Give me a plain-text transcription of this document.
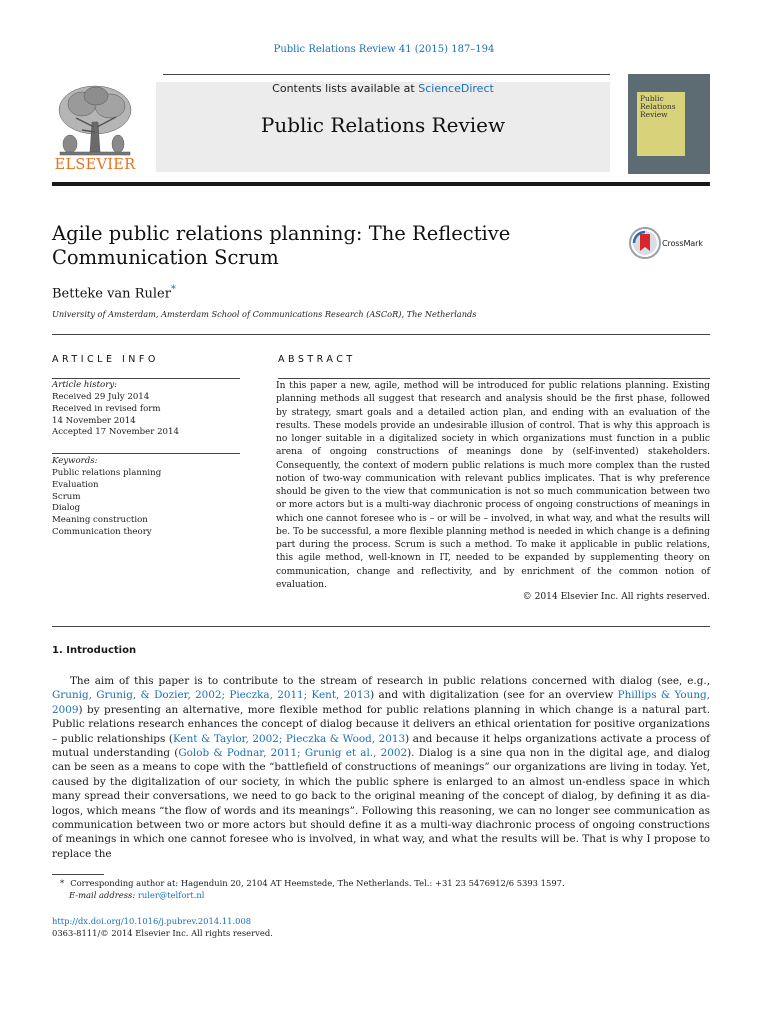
Public Relations Review 41 (2015) 187–194
Contents lists available at ScienceDirect
Public Relations Review
ELSEVIER
Public Relations Review
Agile public relations planning: The Reflective Communication Scrum
Betteke van Ruler*
University of Amsterdam, Amsterdam School of Communications Research (ASCoR), The Netherlands
CrossMark
ARTICLE INFO
Article history:
Received 29 July 2014
Received in revised form
14 November 2014
Accepted 17 November 2014
Keywords:
Public relations planning
Evaluation
Scrum
Dialog
Meaning construction
Communication theory
ABSTRACT
In this paper a new, agile, method will be introduced for public relations planning. Existing planning methods all suggest that research and analysis should be the first phase, followed by strategy, smart goals and a detailed action plan, and ending with an evaluation of the results. These models provide an undesirable illusion of control. That is why this approach is no longer suitable in a digitalized society in which organizations must function in a public arena of ongoing constructions of meanings done by (self-invented) stakeholders. Consequently, the context of modern public relations is much more complex than the rusted notion of two-way communication with relevant publics implicates. That is why preference should be given to the view that communication is not so much communication between two or more actors but is a multi-way diachronic process of ongoing constructions of meanings in which one cannot foresee who is – or will be – involved, in what way, and what the results will be. To be successful, a more flexible planning method is needed in which change is a defining part during the process. Scrum is such a method. To make it applicable in public relations, this agile method, well-known in IT, needed to be expanded by supplementing theory on communication, change and reflectivity, and by enrichment of the common notion of evaluation.
© 2014 Elsevier Inc. All rights reserved.
1. Introduction
The aim of this paper is to contribute to the stream of research in public relations concerned with dialog (see, e.g., Grunig, Grunig, & Dozier, 2002; Pieczka, 2011; Kent, 2013) and with digitalization (see for an overview Phillips & Young, 2009) by presenting an alternative, more flexible method for public relations planning in which change is a natural part. Public relations research enhances the concept of dialog because it delivers an ethical orientation for positive organizations – public relationships (Kent & Taylor, 2002; Pieczka & Wood, 2013) and because it helps organizations activate a process of mutual understanding (Golob & Podnar, 2011; Grunig et al., 2002). Dialog is a sine qua non in the digital age, and dialog can be seen as a means to cope with the “battlefield of constructions of meanings” our organizations are living in today. Yet, caused by the digitalization of our society, in which the public sphere is enlarged to an almost un-endless space in which many spread their conversations, we need to go back to the original meaning of the concept of dialog, by defining it as dia-logos, which means “the flow of words and its meanings”. Following this reasoning, we can no longer see communication as communication between two or more actors but should define it as a multi-way diachronic process of ongoing constructions of meanings in which one cannot foresee who is involved, in what way, and what the results will be. That is why I propose to replace the
* Corresponding author at: Hagenduin 20, 2104 AT Heemstede, The Netherlands. Tel.: +31 23 5476912/6 5393 1597.
E-mail address: ruler@telfort.nl
http://dx.doi.org/10.1016/j.pubrev.2014.11.008
0363-8111/© 2014 Elsevier Inc. All rights reserved.
